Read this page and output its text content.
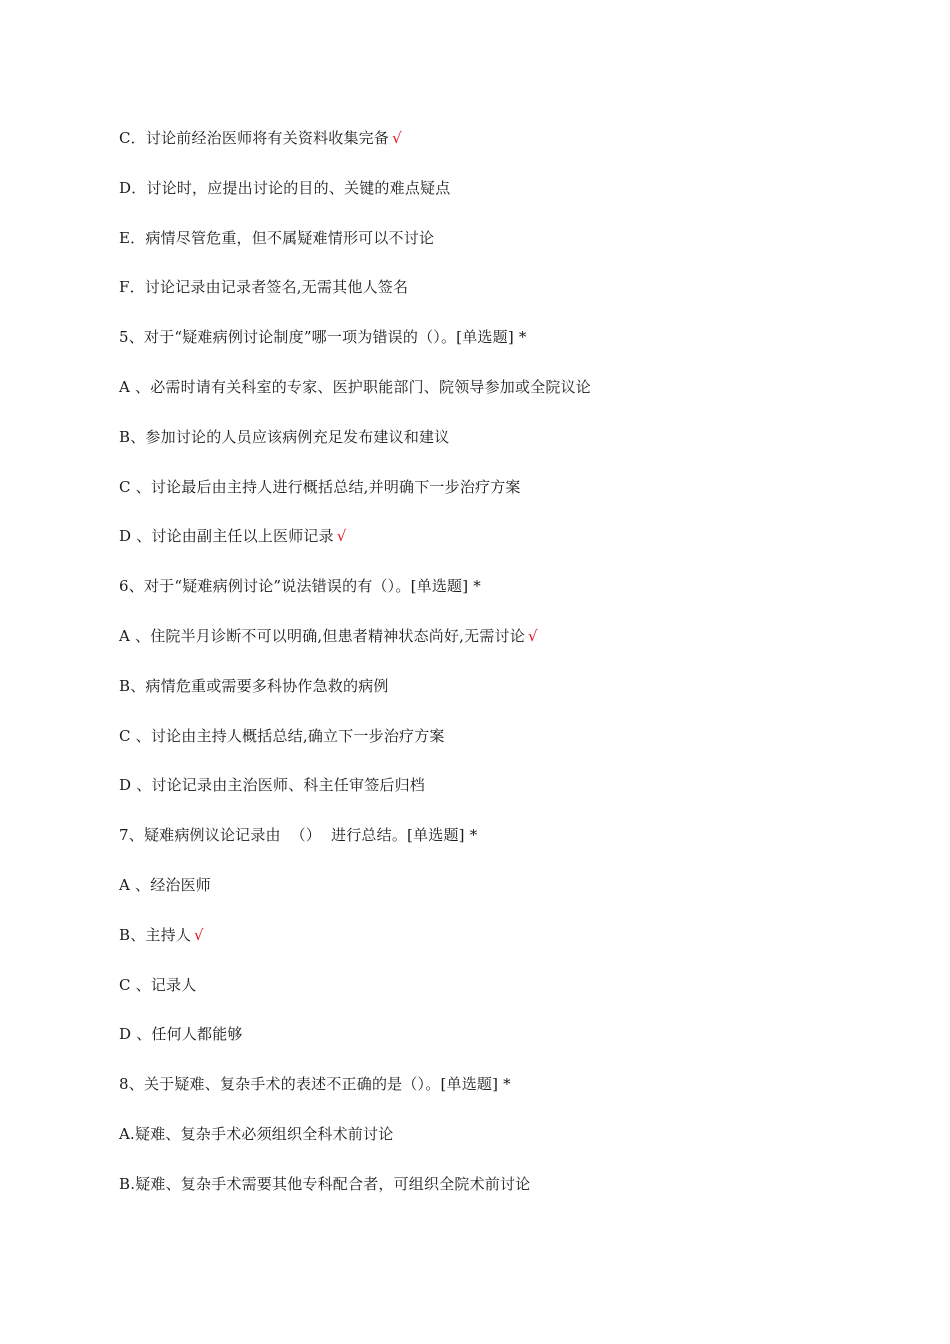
C．讨论前经治医师将有关资料收集完备 √
D．讨论时，应提出讨论的目的、关键的难点疑点
E．病情尽管危重，但不属疑难情形可以不讨论
F．讨论记录由记录者签名,无需其他人签名
5、对于“疑难病例讨论制度”哪一项为错误的（）。[单选题] *
A 、必需时请有关科室的专家、医护职能部门、院领导参加或全院议论
B、参加讨论的人员应该病例充足发布建议和建议
C 、讨论最后由主持人进行概括总结,并明确下一步治疗方案
D 、讨论由副主任以上医师记录 √
6、对于“疑难病例讨论”说法错误的有（）。[单选题] *
A 、住院半月诊断不可以明确,但患者精神状态尚好,无需讨论 √
B、病情危重或需要多科协作急救的病例
C 、讨论由主持人概括总结,确立下一步治疗方案
D 、讨论记录由主治医师、科主任审签后归档
7、疑难病例议论记录由  （）  进行总结。[单选题] *
A 、经治医师
B、主持人 √
C 、记录人
D 、任何人都能够
8、关于疑难、复杂手术的表述不正确的是（）。[单选题] *
A.疑难、复杂手术必须组织全科术前讨论
B.疑难、复杂手术需要其他专科配合者，可组织全院术前讨论
